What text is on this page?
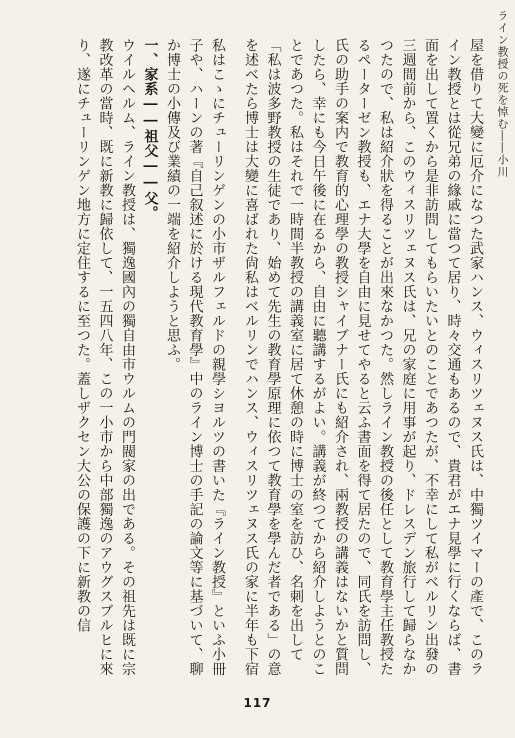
ライン教授の死を悼む――小川

屋を借りて大變に厄介になつた武家ハンス、ウィスリツェヌス氏は、中獨ツイマーの產で、このライン教授とは從兄弟の緣戚に當つて居り、時々交通もあるので、貴君がエナ見學に行くならば、書面を出して置くから是非訪問してもらいたいとのことであつたが、不幸にして私がベルリン出發の三週間前から、このウィスリツェヌス氏は、兄の家庭に用事が起り、ドレスデン旅行して歸らなかつたので、私は紹介狀を得ることが出來なかつた。然しライン教授の後任として教育學主任教授たるペーターゼン教授も、エナ大學を自由に見せてやると云ふ書面を得て居たので、同氏を訪問し、氏の助手の案内で教育的心理學の教授シャイブナー氏にも紹介され、兩教授の講義はないかと質問したら、幸にも今日午後に在るから、自由に聽講するがよい。講義が終つてから紹介しようとのことであつた。私はそれで一時間半教授の講義室に居て休憩の時に博士の室を訪ひ、名刺を出して「私は波多野教授の生徒であり、始めて先生の教育學原理に依つて教育學を學んだ者である」の意を述べたら博士は大變に喜ばれた尙私はベルリンでハンス、ウィスリツェヌス氏の家に半年も下宿

私はこゝにチューリンゲンの小市ザルフェルドの親學シヨルツの書いた『ライン教授』といふ小冊子や、ハーンの著『自己叙述に於ける現代教育學』中のライン博士の手記の論文等に基づいて、聊か博士の小傳及び業績の一端を紹介しようと思ふ。

一、家系――祖父――父。

ウイルヘルム、ライン教授は、獨逸國內の獨自由市ウルムの門閥家の出である。その祖先は既に宗教改革の當時、既に新教に歸依して、一五四八年、この一小市から中部獨逸のアウグスブルヒに來り、遂にチューリンゲン地方に定住するに至つた。蓋しザクセン大公の保護の下に新教の信

117
